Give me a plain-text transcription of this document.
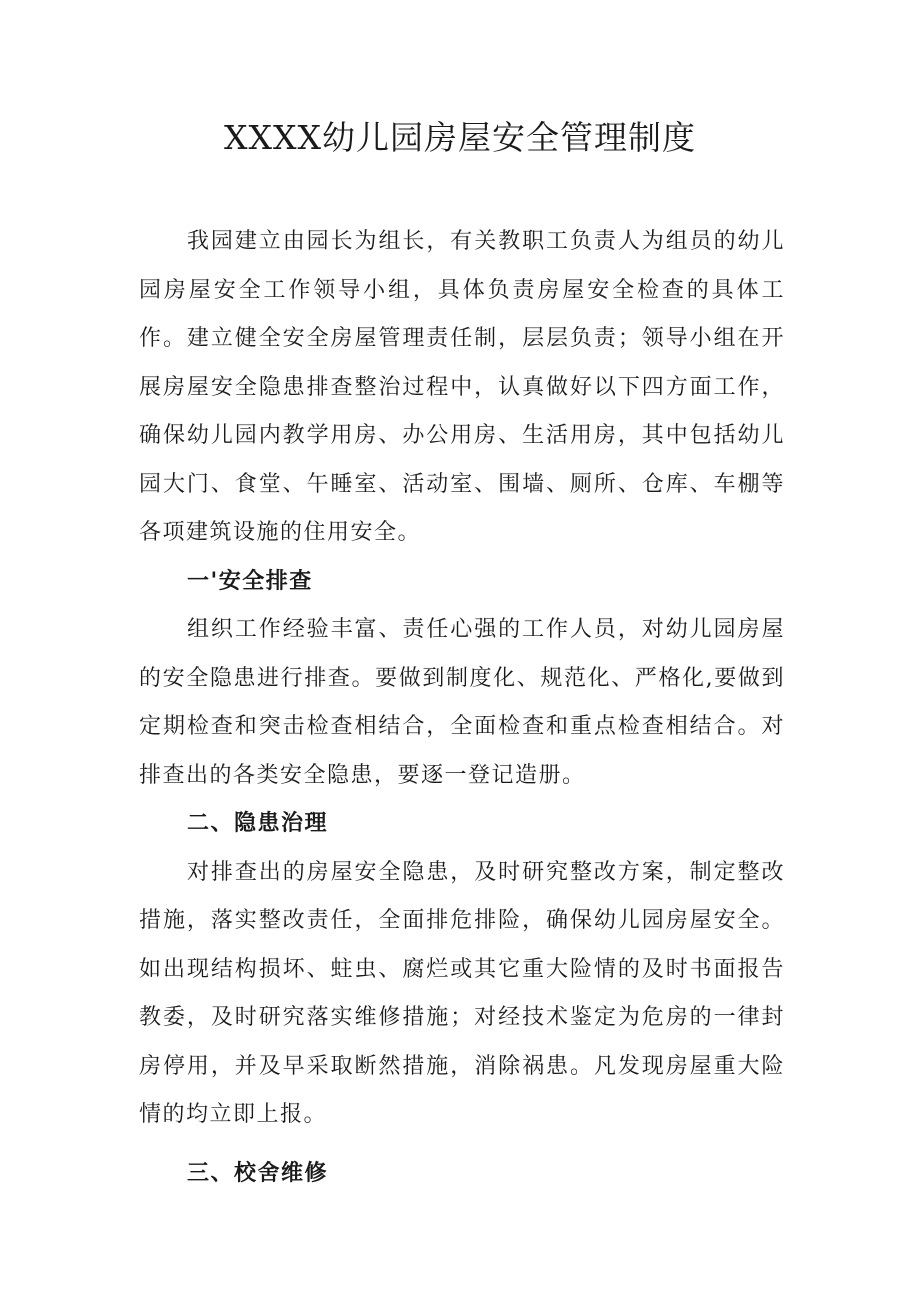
XXXX幼儿园房屋安全管理制度

我园建立由园长为组长，有关教职工负责人为组员的幼儿园房屋安全工作领导小组，具体负责房屋安全检查的具体工作。建立健全安全房屋管理责任制，层层负责；领导小组在开展房屋安全隐患排查整治过程中，认真做好以下四方面工作，确保幼儿园内教学用房、办公用房、生活用房，其中包括幼儿园大门、食堂、午睡室、活动室、围墙、厕所、仓库、车棚等各项建筑设施的住用安全。

一'安全排查

组织工作经验丰富、责任心强的工作人员，对幼儿园房屋的安全隐患进行排查。要做到制度化、规范化、严格化,要做到定期检查和突击检查相结合，全面检查和重点检查相结合。对排查出的各类安全隐患，要逐一登记造册。

二、隐患治理

对排查出的房屋安全隐患，及时研究整改方案，制定整改措施，落实整改责任，全面排危排险，确保幼儿园房屋安全。如出现结构损坏、蛀虫、腐烂或其它重大险情的及时书面报告教委，及时研究落实维修措施；对经技术鉴定为危房的一律封房停用，并及早采取断然措施，消除祸患。凡发现房屋重大险情的均立即上报。

三、校舍维修
